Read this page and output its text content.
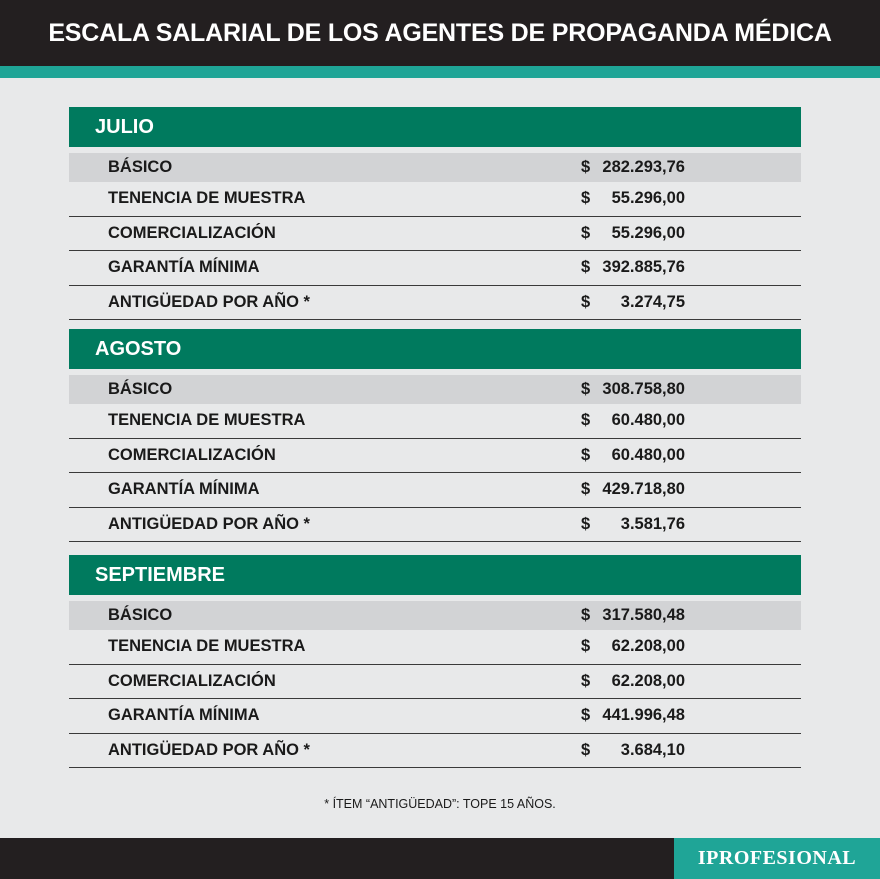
ESCALA SALARIAL DE LOS AGENTES DE PROPAGANDA MÉDICA
JULIO
BÁSICO	$ 282.293,76
TENENCIA DE MUESTRA	$ 55.296,00
COMERCIALIZACIÓN	$ 55.296,00
GARANTÍA MÍNIMA	$ 392.885,76
ANTIGÜEDAD POR AÑO *	$ 3.274,75
AGOSTO
BÁSICO	$ 308.758,80
TENENCIA DE MUESTRA	$ 60.480,00
COMERCIALIZACIÓN	$ 60.480,00
GARANTÍA MÍNIMA	$ 429.718,80
ANTIGÜEDAD POR AÑO *	$ 3.581,76
SEPTIEMBRE
BÁSICO	$ 317.580,48
TENENCIA DE MUESTRA	$ 62.208,00
COMERCIALIZACIÓN	$ 62.208,00
GARANTÍA MÍNIMA	$ 441.996,48
ANTIGÜEDAD POR AÑO *	$ 3.684,10
* ÍTEM “ANTIGÜEDAD”: TOPE 15 AÑOS.
IPROFESIONAL
